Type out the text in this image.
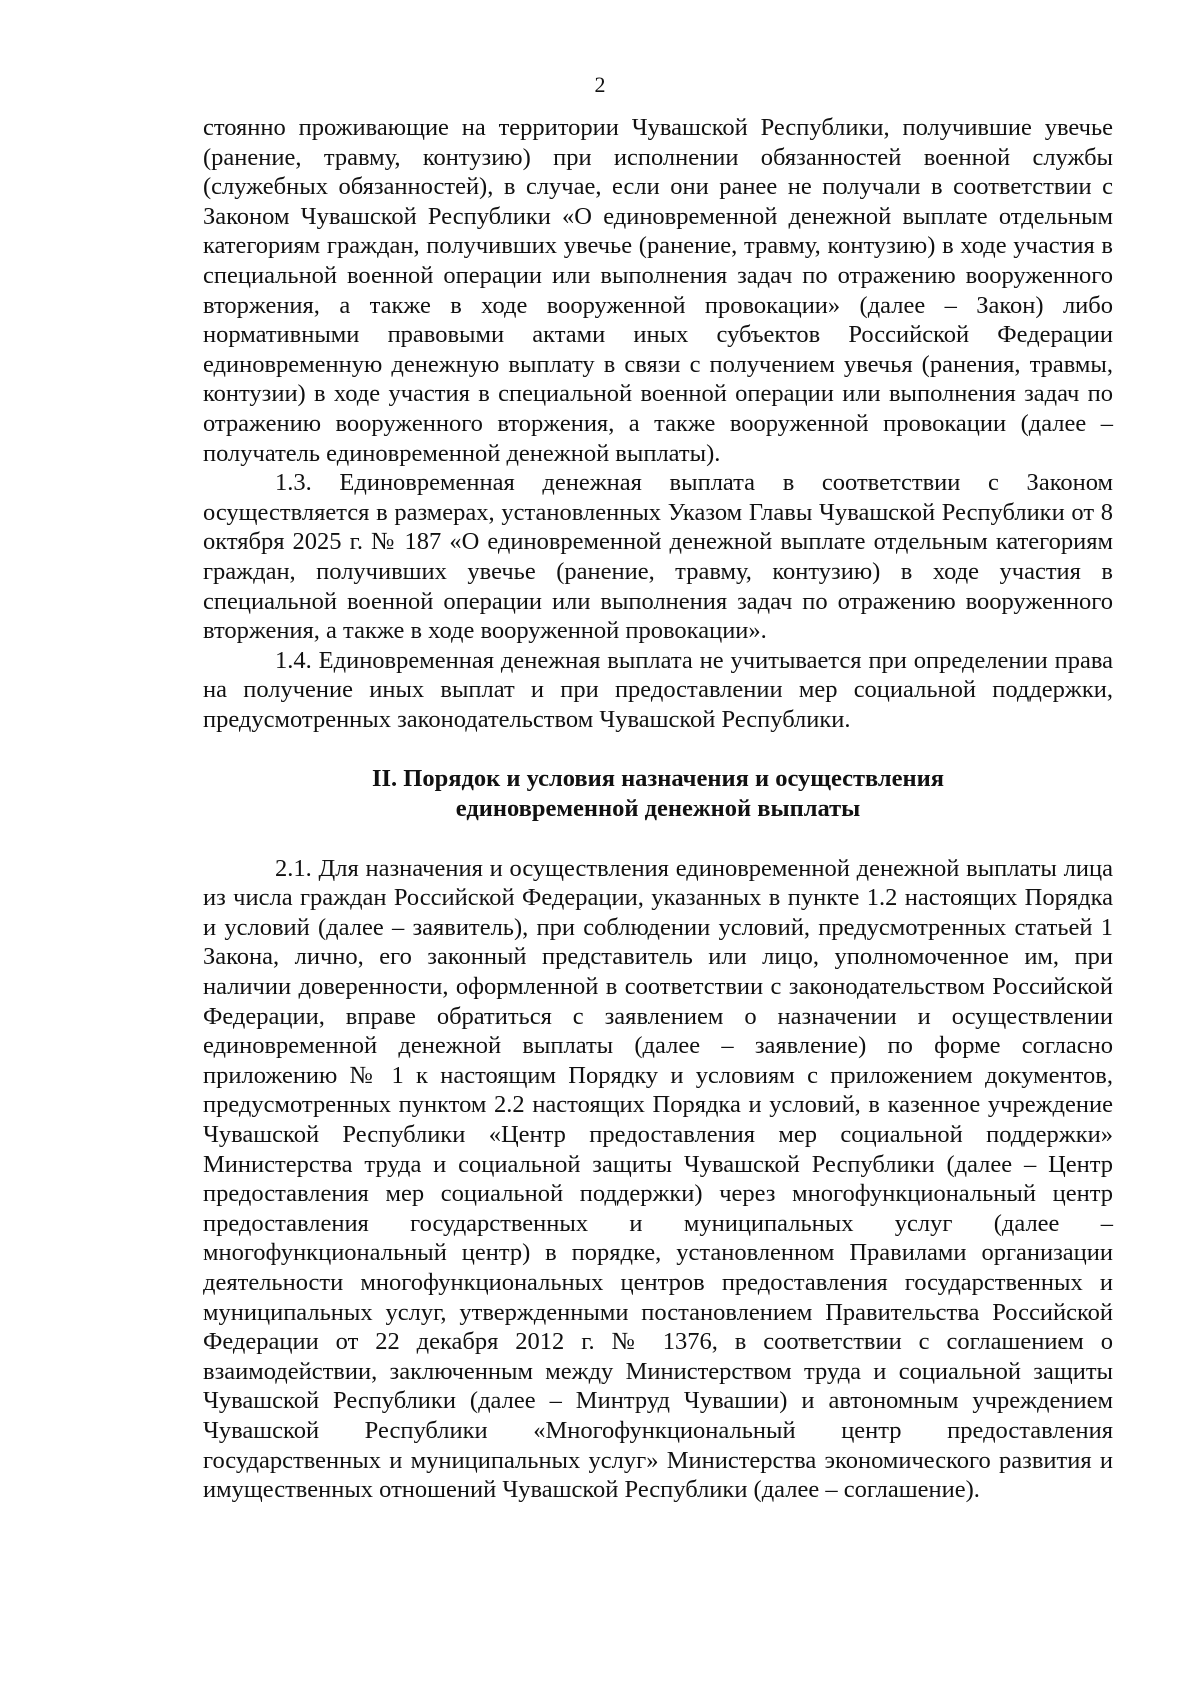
2

стоянно проживающие на территории Чувашской Республики, получившие увечье (ранение, травму, контузию) при исполнении обязанностей военной службы (служебных обязанностей), в случае, если они ранее не получали в соответствии с Законом Чувашской Республики «О единовременной денежной выплате отдельным категориям граждан, получивших увечье (ранение, травму, контузию) в ходе участия в специальной военной операции или выполнения задач по отражению вооруженного вторжения, а также в ходе вооруженной провокации» (далее – Закон) либо нормативными правовыми актами иных субъектов Российской Федерации единовременную денежную выплату в связи с получением увечья (ранения, травмы, контузии) в ходе участия в специальной военной операции или выполнения задач по отражению вооруженного вторжения, а также вооруженной провокации (далее – получатель единовременной денежной выплаты).

1.3. Единовременная денежная выплата в соответствии с Законом осуществляется в размерах, установленных Указом Главы Чувашской Республики от 8 октября 2025 г. № 187 «О единовременной денежной выплате отдельным категориям граждан, получивших увечье (ранение, травму, контузию) в ходе участия в специальной военной операции или выполнения задач по отражению вооруженного вторжения, а также в ходе вооруженной провокации».

1.4. Единовременная денежная выплата не учитывается при определении права на получение иных выплат и при предоставлении мер социальной поддержки, предусмотренных законодательством Чувашской Республики.

II. Порядок и условия назначения и осуществления
единовременной денежной выплаты

2.1. Для назначения и осуществления единовременной денежной выплаты лица из числа граждан Российской Федерации, указанных в пункте 1.2 настоящих Порядка и условий (далее – заявитель), при соблюдении условий, предусмотренных статьей 1 Закона, лично, его законный представитель или лицо, уполномоченное им, при наличии доверенности, оформленной в соответствии с законодательством Российской Федерации, вправе обратиться с заявлением о назначении и осуществлении единовременной денежной выплаты (далее – заявление) по форме согласно приложению № 1 к настоящим Порядку и условиям с приложением документов, предусмотренных пунктом 2.2 настоящих Порядка и условий, в казенное учреждение Чувашской Республики «Центр предоставления мер социальной поддержки» Министерства труда и социальной защиты Чувашской Республики (далее – Центр предоставления мер социальной поддержки) через многофункциональный центр предоставления государственных и муниципальных услуг (далее – многофункциональный центр) в порядке, установленном Правилами организации деятельности многофункциональных центров предоставления государственных и муниципальных услуг, утвержденными постановлением Правительства Российской Федерации от 22 декабря 2012 г. № 1376, в соответствии с соглашением о взаимодействии, заключенным между Министерством труда и социальной защиты Чувашской Республики (далее – Минтруд Чувашии) и автономным учреждением Чувашской Республики «Многофункциональный центр предоставления государственных и муниципальных услуг» Министерства экономического развития и имущественных отношений Чувашской Республики (далее – соглашение).
